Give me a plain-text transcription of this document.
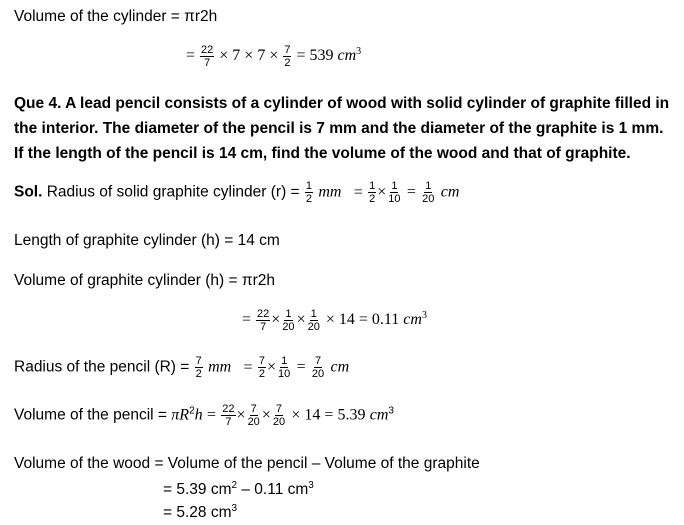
Volume of the cylinder = πr2h
= $\frac{22}{7} \times 7 \times 7 \times \frac{7}{2} = 539$ $cm^3$
Que 4. A lead pencil consists of a cylinder of wood with solid cylinder of graphite filled in
the interior. The diameter of the pencil is 7 mm and the diameter of the graphite is 1 mm.
If the length of the pencil is 14 cm, find the volume of the wood and that of graphite.
Sol. Radius of solid graphite cylinder $(r) = \frac{1}{2}$ mm = $\frac{1}{2} \times \frac{1}{10} = \frac{1}{20}$ cm
Length of graphite cylinder (h) = 14 cm
Volume of graphite cylinder (h) = πr2h
= $\frac{22}{7} \times \frac{1}{20} \times \frac{1}{20} \times 14 = 0.11$ $cm^3$
Radius of the pencil $(R) = \frac{7}{2}$ mm = $\frac{7}{2} \times \frac{1}{10} = \frac{7}{20}$ cm
Volume of the pencil = $\pi R^2h = \frac{22}{7} \times \frac{7}{20} \times \frac{7}{20} \times 14 = 5.39$ $cm^3$
Volume of the wood = Volume of the pencil – Volume of the graphite
= 5.39 $cm^2 - 0.11$ $cm^3$
= 5.28 $cm^3$
